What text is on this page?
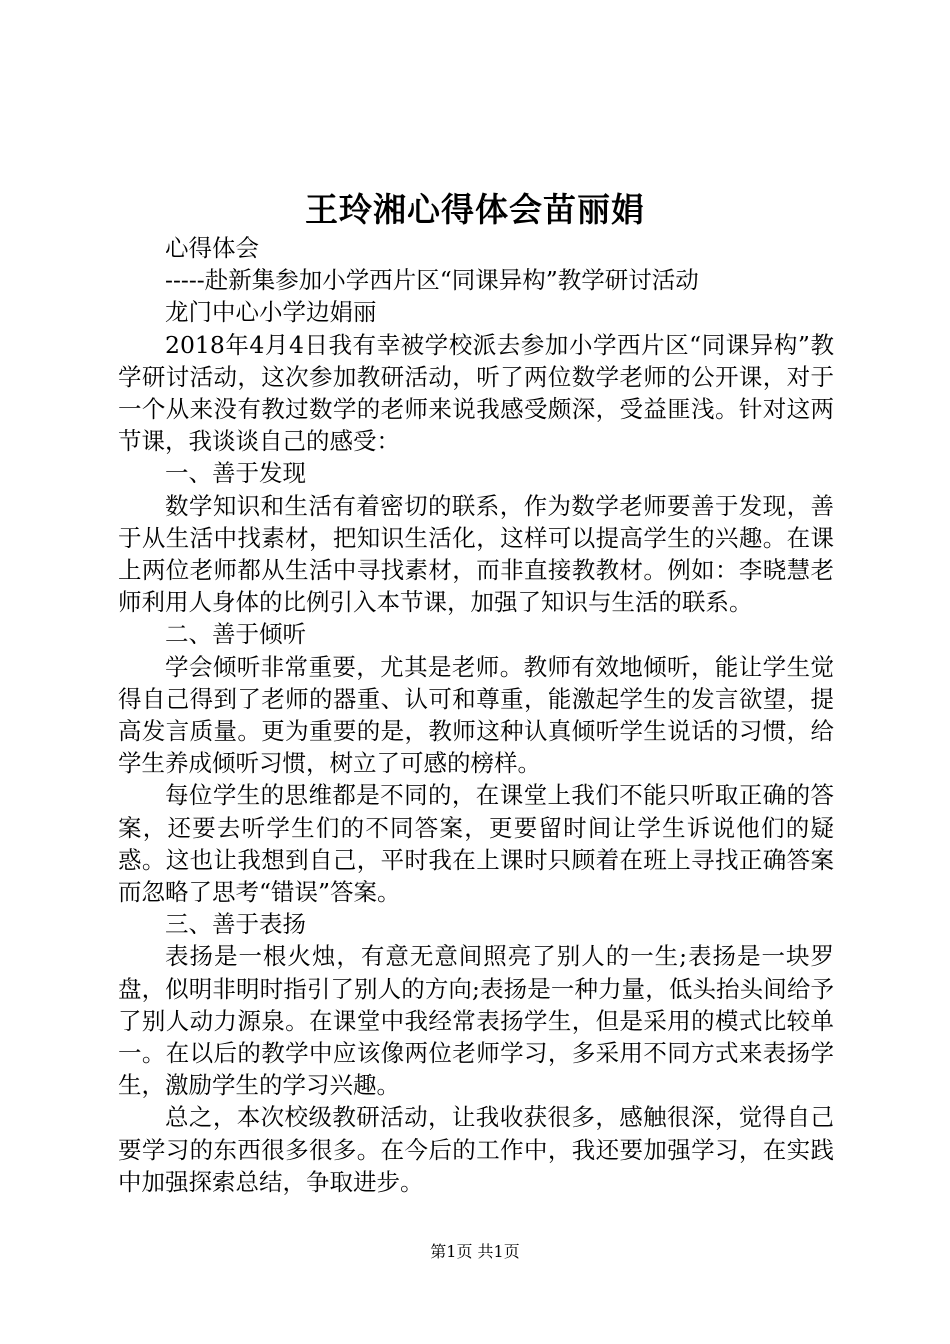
王玲湘心得体会苗丽娟

心得体会

-----赴新集参加小学西片区“同课异构”教学研讨活动

龙门中心小学边娟丽

2018年4月4日我有幸被学校派去参加小学西片区“同课异构”教学研讨活动，这次参加教研活动，听了两位数学老师的公开课，对于一个从来没有教过数学的老师来说我感受颇深，受益匪浅。针对这两节课，我谈谈自己的感受：

一、善于发现

数学知识和生活有着密切的联系，作为数学老师要善于发现，善于从生活中找素材，把知识生活化，这样可以提高学生的兴趣。在课上两位老师都从生活中寻找素材，而非直接教教材。例如：李晓慧老师利用人身体的比例引入本节课，加强了知识与生活的联系。

二、善于倾听

学会倾听非常重要，尤其是老师。教师有效地倾听，能让学生觉得自己得到了老师的器重、认可和尊重，能激起学生的发言欲望，提高发言质量。更为重要的是，教师这种认真倾听学生说话的习惯，给学生养成倾听习惯，树立了可感的榜样。

每位学生的思维都是不同的，在课堂上我们不能只听取正确的答案，还要去听学生们的不同答案，更要留时间让学生诉说他们的疑惑。这也让我想到自己，平时我在上课时只顾着在班上寻找正确答案而忽略了思考“错误”答案。

三、善于表扬

表扬是一根火烛，有意无意间照亮了别人的一生;表扬是一块罗盘，似明非明时指引了别人的方向;表扬是一种力量，低头抬头间给予了别人动力源泉。在课堂中我经常表扬学生，但是采用的模式比较单一。在以后的教学中应该像两位老师学习，多采用不同方式来表扬学生，激励学生的学习兴趣。

总之，本次校级教研活动，让我收获很多，感触很深，觉得自己要学习的东西很多很多。在今后的工作中，我还要加强学习，在实践中加强探索总结，争取进步。

第1页 共1页
